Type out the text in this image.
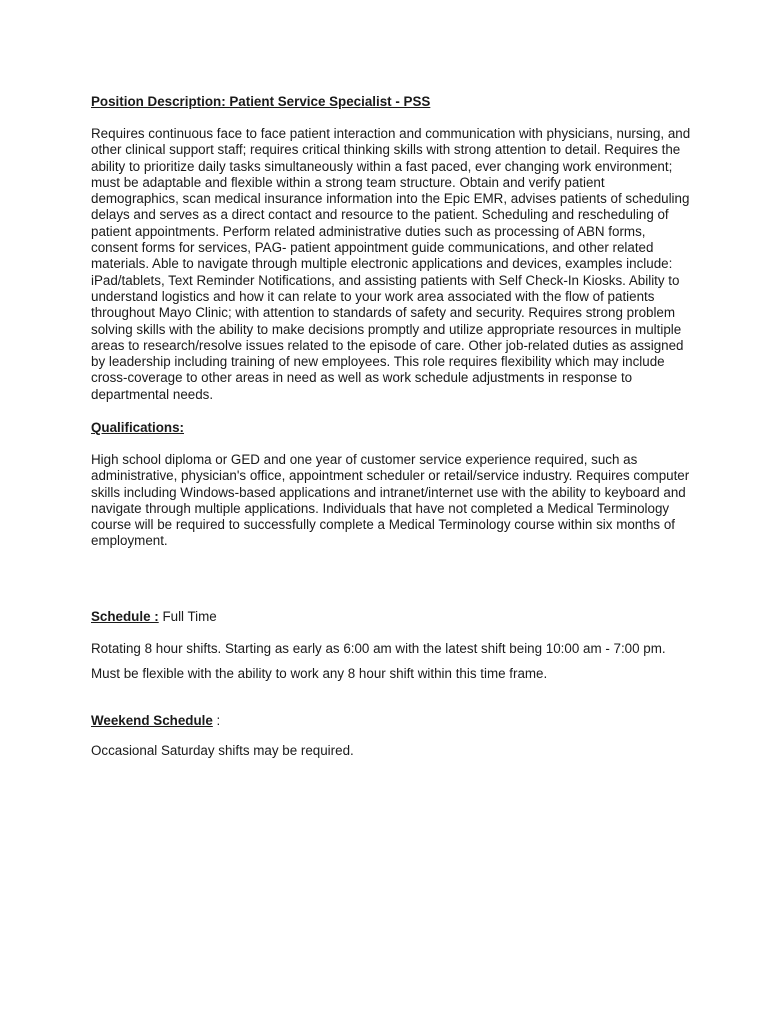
Position Description: Patient Service Specialist - PSS

Requires continuous face to face patient interaction and communication with physicians, nursing, and other clinical support staff; requires critical thinking skills with strong attention to detail. Requires the ability to prioritize daily tasks simultaneously within a fast paced, ever changing work environment; must be adaptable and flexible within a strong team structure. Obtain and verify patient demographics, scan medical insurance information into the Epic EMR, advises patients of scheduling delays and serves as a direct contact and resource to the patient. Scheduling and rescheduling of patient appointments. Perform related administrative duties such as processing of ABN forms, consent forms for services, PAG- patient appointment guide communications, and other related materials. Able to navigate through multiple electronic applications and devices, examples include: iPad/tablets, Text Reminder Notifications, and assisting patients with Self Check-In Kiosks. Ability to understand logistics and how it can relate to your work area associated with the flow of patients throughout Mayo Clinic; with attention to standards of safety and security. Requires strong problem solving skills with the ability to make decisions promptly and utilize appropriate resources in multiple areas to research/resolve issues related to the episode of care. Other job-related duties as assigned by leadership including training of new employees. This role requires flexibility which may include cross-coverage to other areas in need as well as work schedule adjustments in response to departmental needs.

Qualifications:

High school diploma or GED and one year of customer service experience required, such as administrative, physician's office, appointment scheduler or retail/service industry. Requires computer skills including Windows-based applications and intranet/internet use with the ability to keyboard and navigate through multiple applications. Individuals that have not completed a Medical Terminology course will be required to successfully complete a Medical Terminology course within six months of employment.

Schedule : Full Time

Rotating 8 hour shifts. Starting as early as 6:00 am with the latest shift being 10:00 am - 7:00 pm. Must be flexible with the ability to work any 8 hour shift within this time frame.

Weekend Schedule :

Occasional Saturday shifts may be required.
